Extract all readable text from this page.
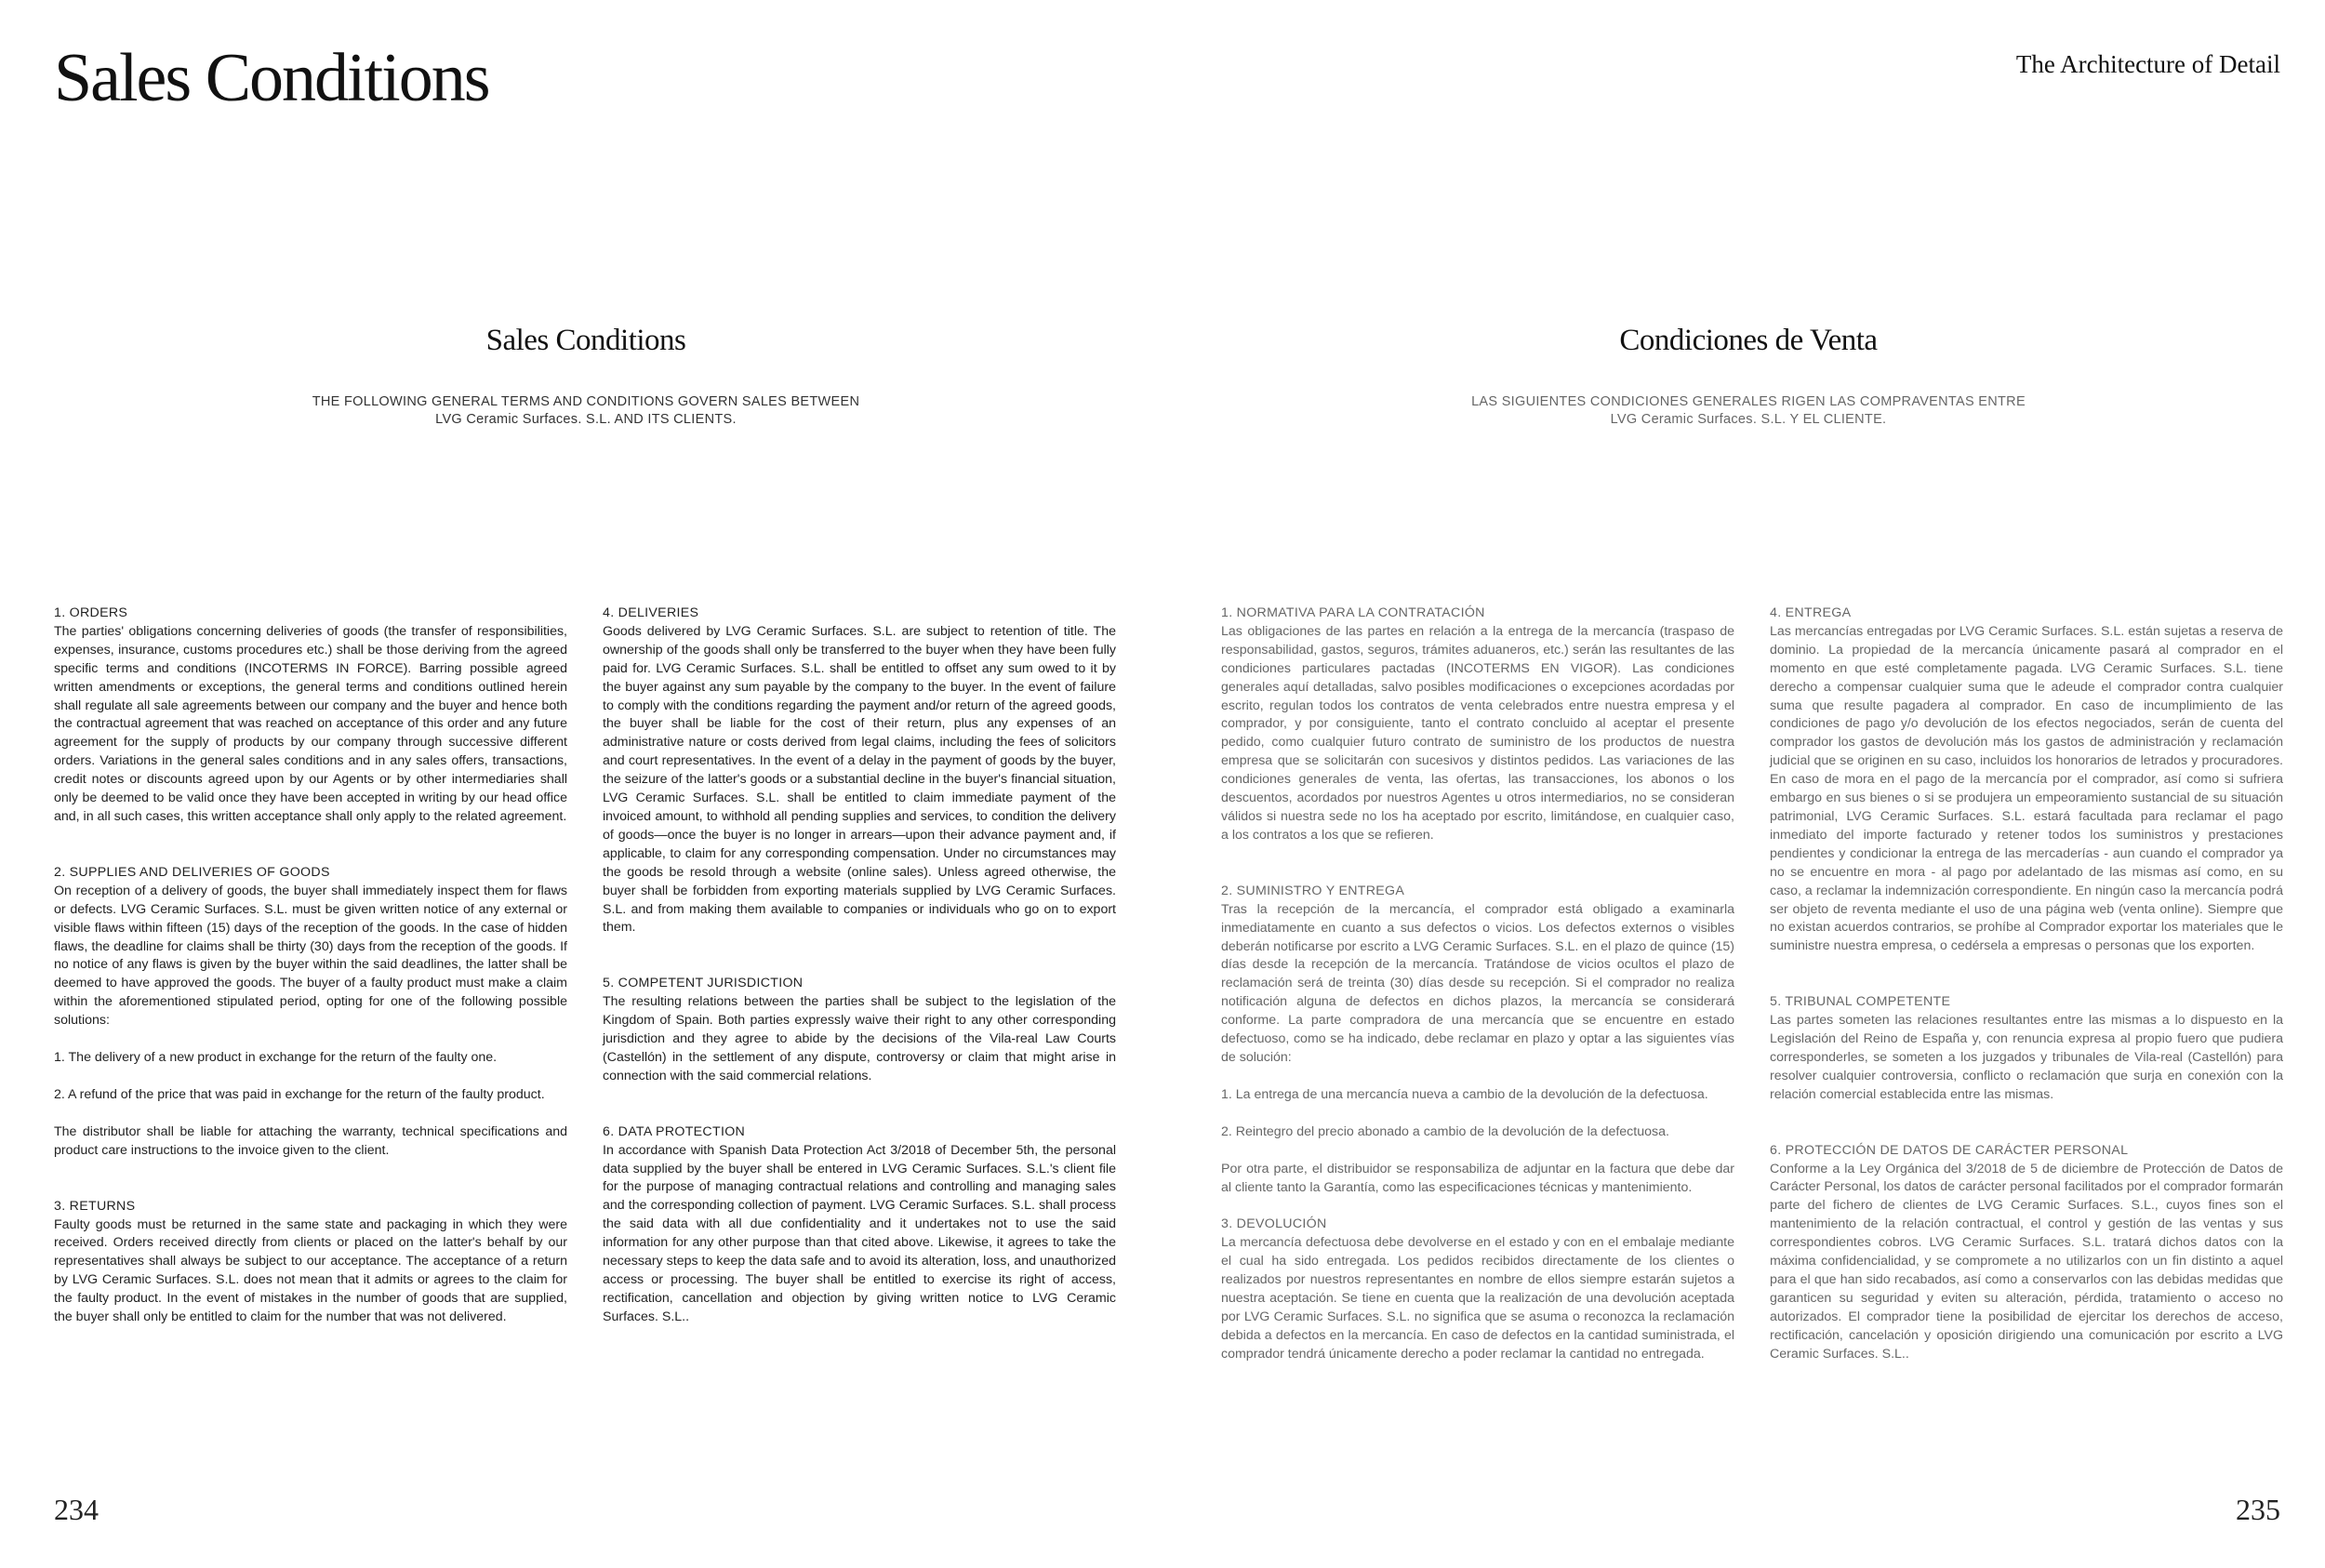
Sales Conditions	The Architecture of Detail
Sales Conditions

THE FOLLOWING GENERAL TERMS AND CONDITIONS GOVERN SALES BETWEEN

LVG Ceramic Surfaces. S.L. AND ITS CLIENTS.

Condiciones de Venta

LAS SIGUIENTES CONDICIONES GENERALES RIGEN LAS COMPRAVENTAS ENTRE

LVG Ceramic Surfaces. S.L. Y EL CLIENTE.

1. ORDERS

The parties' obligations concerning deliveries of goods (the transfer of responsibilities, expenses, insurance, customs procedures etc.) shall be those deriving from the agreed specific terms and conditions (INCOTERMS IN FORCE). Barring possible agreed written amendments or exceptions, the general terms and conditions outlined herein shall regulate all sale agreements between our company and the buyer and hence both the contractual agreement that was reached on acceptance of this order and any future agreement for the supply of products by our company through successive different orders. Variations in the general sales conditions and in any sales offers, transactions, credit notes or discounts agreed upon by our Agents or by other intermediaries shall only be deemed to be valid once they have been accepted in writing by our head office and, in all such cases, this written acceptance shall only apply to the related agreement.

2. SUPPLIES AND DELIVERIES OF GOODS

On reception of a delivery of goods, the buyer shall immediately inspect them for flaws or defects. LVG Ceramic Surfaces. S.L. must be given written notice of any external or visible flaws within fifteen (15) days of the reception of the goods. In the case of hidden flaws, the deadline for claims shall be thirty (30) days from the reception of the goods. If no notice of any flaws is given by the buyer within the said deadlines, the latter shall be deemed to have approved the goods. The buyer of a faulty product must make a claim within the aforementioned stipulated period, opting for one of the following possible solutions:

1. The delivery of a new product in exchange for the return of the faulty one.

2. A refund of the price that was paid in exchange for the return of the faulty product.

The distributor shall be liable for attaching the warranty, technical specifications and product care instructions to the invoice given to the client.

3. RETURNS

Faulty goods must be returned in the same state and packaging in which they were received. Orders received directly from clients or placed on the latter's behalf by our representatives shall always be subject to our acceptance. The acceptance of a return by LVG Ceramic Surfaces. S.L. does not mean that it admits or agrees to the claim for the faulty product. In the event of mistakes in the number of goods that are supplied, the buyer shall only be entitled to claim for the number that was not delivered.

4. DELIVERIES

Goods delivered by LVG Ceramic Surfaces. S.L. are subject to retention of title. The ownership of the goods shall only be transferred to the buyer when they have been fully paid for. LVG Ceramic Surfaces. S.L. shall be entitled to offset any sum owed to it by the buyer against any sum payable by the company to the buyer. In the event of failure to comply with the conditions regarding the payment and/or return of the agreed goods, the buyer shall be liable for the cost of their return, plus any expenses of an administrative nature or costs derived from legal claims, including the fees of solicitors and court representatives. In the event of a delay in the payment of goods by the buyer, the seizure of the latter's goods or a substantial decline in the buyer's financial situation, LVG Ceramic Surfaces. S.L. shall be entitled to claim immediate payment of the invoiced amount, to withhold all pending supplies and services, to condition the delivery of goods—once the buyer is no longer in arrears—upon their advance payment and, if applicable, to claim for any corresponding compensation. Under no circumstances may the goods be resold through a website (online sales). Unless agreed otherwise, the buyer shall be forbidden from exporting materials supplied by LVG Ceramic Surfaces. S.L. and from making them available to companies or individuals who go on to export them.

5. COMPETENT JURISDICTION

The resulting relations between the parties shall be subject to the legislation of the Kingdom of Spain. Both parties expressly waive their right to any other corresponding jurisdiction and they agree to abide by the decisions of the Vila-real Law Courts (Castellón) in the settlement of any dispute, controversy or claim that might arise in connection with the said commercial relations.

6. DATA PROTECTION

In accordance with Spanish Data Protection Act 3/2018 of December 5th, the personal data supplied by the buyer shall be entered in LVG Ceramic Surfaces. S.L.'s client file for the purpose of managing contractual relations and controlling and managing sales and the corresponding collection of payment. LVG Ceramic Surfaces. S.L. shall process the said data with all due confidentiality and it undertakes not to use the said information for any other purpose than that cited above. Likewise, it agrees to take the necessary steps to keep the data safe and to avoid its alteration, loss, and unauthorized access or processing. The buyer shall be entitled to exercise its right of access, rectification, cancellation and objection by giving written notice to LVG Ceramic Surfaces. S.L..

1. NORMATIVA PARA LA CONTRATACIÓN

Las obligaciones de las partes en relación a la entrega de la mercancía (traspaso de responsabilidad, gastos, seguros, trámites aduaneros, etc.) serán las resultantes de las condiciones particulares pactadas (INCOTERMS EN VIGOR). Las condiciones generales aquí detalladas, salvo posibles modificaciones o excepciones acordadas por escrito, regulan todos los contratos de venta celebrados entre nuestra empresa y el comprador, y por consiguiente, tanto el contrato concluido al aceptar el presente pedido, como cualquier futuro contrato de suministro de los productos de nuestra empresa que se solicitarán con sucesivos y distintos pedidos. Las variaciones de las condiciones generales de venta, las ofertas, las transacciones, los abonos o los descuentos, acordados por nuestros Agentes u otros intermediarios, no se consideran válidos si nuestra sede no los ha aceptado por escrito, limitándose, en cualquier caso, a los contratos a los que se refieren.

2. SUMINISTRO Y ENTREGA

Tras la recepción de la mercancía, el comprador está obligado a examinarla inmediatamente en cuanto a sus defectos o vicios. Los defectos externos o visibles deberán notificarse por escrito a LVG Ceramic Surfaces. S.L. en el plazo de quince (15) días desde la recepción de la mercancía. Tratándose de vicios ocultos el plazo de reclamación será de treinta (30) días desde su recepción. Si el comprador no realiza notificación alguna de defectos en dichos plazos, la mercancía se considerará conforme. La parte compradora de una mercancía que se encuentre en estado defectuoso, como se ha indicado, debe reclamar en plazo y optar a las siguientes vías de solución:

1. La entrega de una mercancía nueva a cambio de la devolución de la defectuosa.

2. Reintegro del precio abonado a cambio de la devolución de la defectuosa.

Por otra parte, el distribuidor se responsabiliza de adjuntar en la factura que debe dar al cliente tanto la Garantía, como las especificaciones técnicas y mantenimiento.

3. DEVOLUCIÓN

La mercancía defectuosa debe devolverse en el estado y con en el embalaje mediante el cual ha sido entregada. Los pedidos recibidos directamente de los clientes o realizados por nuestros representantes en nombre de ellos siempre estarán sujetos a nuestra aceptación. Se tiene en cuenta que la realización de una devolución aceptada por LVG Ceramic Surfaces. S.L. no significa que se asuma o reconozca la reclamación debida a defectos en la mercancía. En caso de defectos en la cantidad suministrada, el comprador tendrá únicamente derecho a poder reclamar la cantidad no entregada.

4. ENTREGA

Las mercancías entregadas por LVG Ceramic Surfaces. S.L. están sujetas a reserva de dominio. La propiedad de la mercancía únicamente pasará al comprador en el momento en que esté completamente pagada. LVG Ceramic Surfaces. S.L. tiene derecho a compensar cualquier suma que le adeude el comprador contra cualquier suma que resulte pagadera al comprador. En caso de incumplimiento de las condiciones de pago y/o devolución de los efectos negociados, serán de cuenta del comprador los gastos de devolución más los gastos de administración y reclamación judicial que se originen en su caso, incluidos los honorarios de letrados y procuradores. En caso de mora en el pago de la mercancía por el comprador, así como si sufriera embargo en sus bienes o si se produjera un empeoramiento sustancial de su situación patrimonial, LVG Ceramic Surfaces. S.L. estará facultada para reclamar el pago inmediato del importe facturado y retener todos los suministros y prestaciones pendientes y condicionar la entrega de las mercaderías - aun cuando el comprador ya no se encuentre en mora - al pago por adelantado de las mismas así como, en su caso, a reclamar la indemnización correspondiente. En ningún caso la mercancía podrá ser objeto de reventa mediante el uso de una página web (venta online). Siempre que no existan acuerdos contrarios, se prohíbe al Comprador exportar los materiales que le suministre nuestra empresa, o cedérsela a empresas o personas que los exporten.

5. TRIBUNAL COMPETENTE

Las partes someten las relaciones resultantes entre las mismas a lo dispuesto en la Legislación del Reino de España y, con renuncia expresa al propio fuero que pudiera corresponderles, se someten a los juzgados y tribunales de Vila-real (Castellón) para resolver cualquier controversia, conflicto o reclamación que surja en conexión con la relación comercial establecida entre las mismas.

6. PROTECCIÓN DE DATOS DE CARÁCTER PERSONAL

Conforme a la Ley Orgánica del 3/2018 de 5 de diciembre de Protección de Datos de Carácter Personal, los datos de carácter personal facilitados por el comprador formarán parte del fichero de clientes de LVG Ceramic Surfaces. S.L., cuyos fines son el mantenimiento de la relación contractual, el control y gestión de las ventas y sus correspondientes cobros. LVG Ceramic Surfaces. S.L. tratará dichos datos con la máxima confidencialidad, y se compromete a no utilizarlos con un fin distinto a aquel para el que han sido recabados, así como a conservarlos con las debidas medidas que garanticen su seguridad y eviten su alteración, pérdida, tratamiento o acceso no autorizados. El comprador tiene la posibilidad de ejercitar los derechos de acceso, rectificación, cancelación y oposición dirigiendo una comunicación por escrito a LVG Ceramic Surfaces. S.L..

234	235
